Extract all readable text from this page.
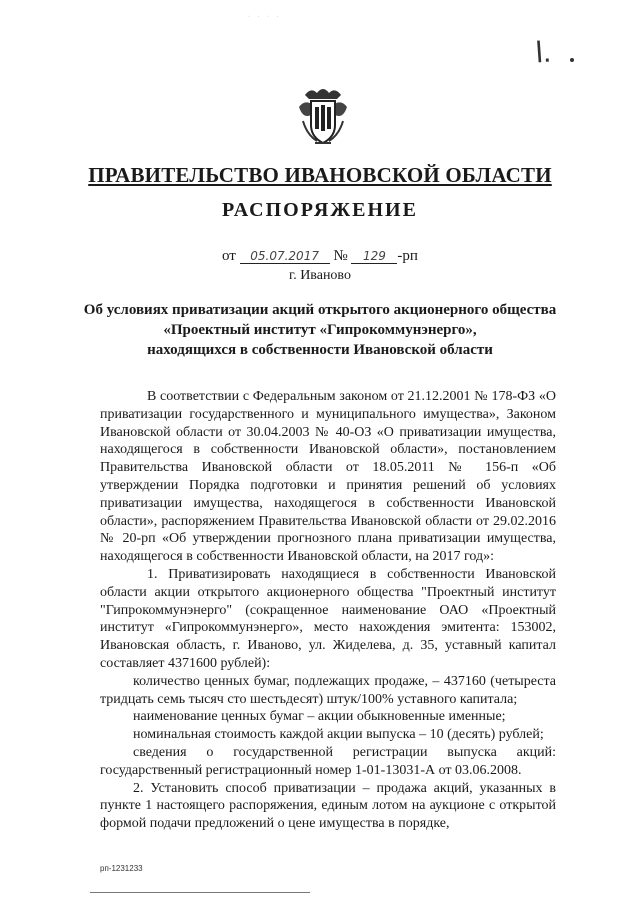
· · · ·
l.
ПРАВИТЕЛЬСТВО ИВАНОВСКОЙ ОБЛАСТИ
РАСПОРЯЖЕНИЕ
от 05.07.2017 № 129 -рп
г. Иваново
Об условиях приватизации акций открытого акционерного общества
«Проектный институт «Гипрокоммунэнерго»,
находящихся в собственности Ивановской области

В соответствии с Федеральным законом от 21.12.2001 № 178-ФЗ «О приватизации государственного и муниципального имущества», Законом Ивановской области от 30.04.2003 № 40-ОЗ «О приватизации имущества, находящегося в собственности Ивановской области», постановлением Правительства Ивановской области от 18.05.2011 № 156-п «Об утверждении Порядка подготовки и принятия решений об условиях приватизации имущества, находящегося в собственности Ивановской области», распоряжением Правительства Ивановской области от 29.02.2016 № 20-рп «Об утверждении прогнозного плана приватизации имущества, находящегося в собственности Ивановской области, на 2017 год»:

1. Приватизировать находящиеся в собственности Ивановской области акции открытого акционерного общества "Проектный институт "Гипрокоммунэнерго" (сокращенное наименование ОАО «Проектный институт «Гипрокоммунэнерго», место нахождения эмитента: 153002, Ивановская область, г. Иваново, ул. Жиделева, д. 35, уставный капитал составляет 4371600 рублей):

количество ценных бумаг, подлежащих продаже, – 437160 (четыреста тридцать семь тысяч сто шестьдесят) штук/100% уставного капитала;

наименование ценных бумаг – акции обыкновенные именные;

номинальная стоимость каждой акции выпуска – 10 (десять) рублей;

сведения о государственной регистрации выпуска акций: государственный регистрационный номер 1-01-13031-А от 03.06.2008.

2. Установить способ приватизации – продажа акций, указанных в пункте 1 настоящего распоряжения, единым лотом на аукционе с открытой формой подачи предложений о цене имущества в порядке,

рп-1231233
